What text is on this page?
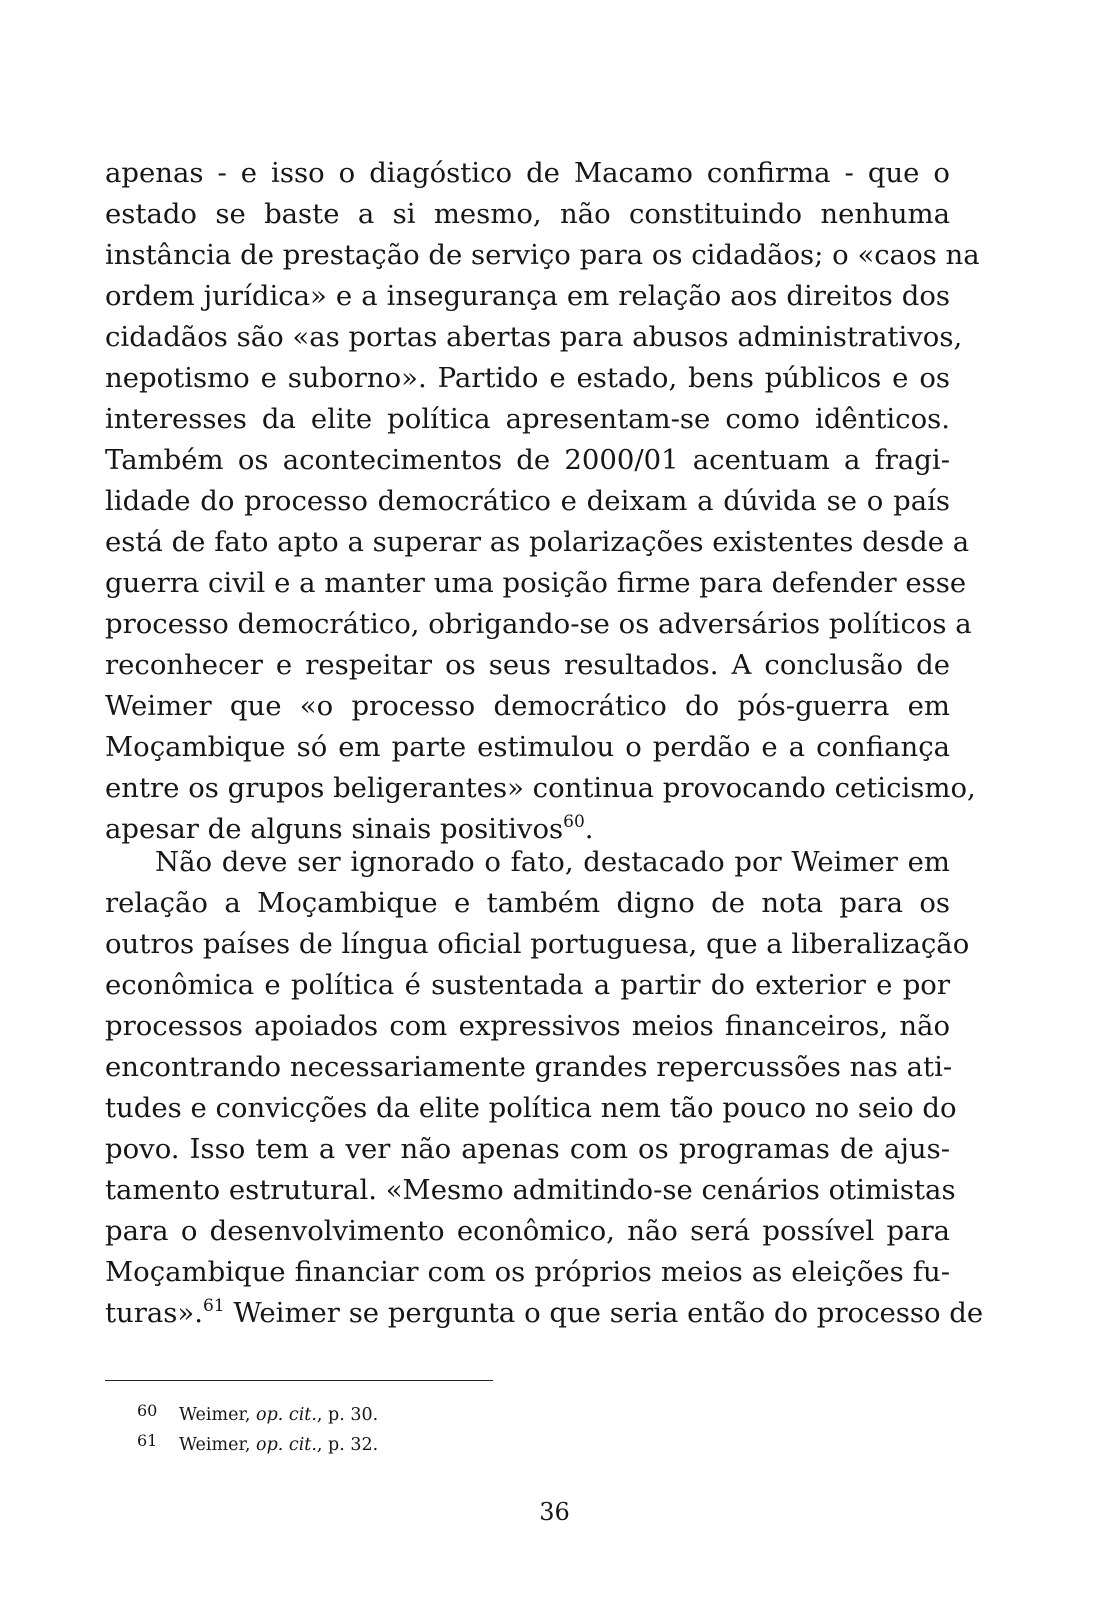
apenas - e isso o diagóstico de Macamo confirma - que o
estado se baste a si mesmo, não constituindo nenhuma
instância de prestação de serviço para os cidadãos; o «caos na
ordem jurídica» e a insegurança em relação aos direitos dos
cidadãos são «as portas abertas para abusos administrativos,
nepotismo e suborno». Partido e estado, bens públicos e os
interesses da elite política apresentam-se como idênticos.
Também os acontecimentos de 2000/01 acentuam a fragi-
lidade do processo democrático e deixam a dúvida se o país
está de fato apto a superar as polarizações existentes desde a
guerra civil e a manter uma posição firme para defender esse
processo democrático, obrigando-se os adversários políticos a
reconhecer e respeitar os seus resultados. A conclusão de
Weimer que «o processo democrático do pós-guerra em
Moçambique só em parte estimulou o perdão e a confiança
entre os grupos beligerantes» continua provocando ceticismo,
apesar de alguns sinais positivos$^{60}$.
Não deve ser ignorado o fato, destacado por Weimer em
relação a Moçambique e também digno de nota para os
outros países de língua oficial portuguesa, que a liberalização
econômica e política é sustentada a partir do exterior e por
processos apoiados com expressivos meios financeiros, não
encontrando necessariamente grandes repercussões nas ati-
tudes e convicções da elite política nem tão pouco no seio do
povo. Isso tem a ver não apenas com os programas de ajus-
tamento estrutural. «Mesmo admitindo-se cenários otimistas
para o desenvolvimento econômico, não será possível para
Moçambique financiar com os próprios meios as eleições fu-
turas».$^{61}$ Weimer se pergunta o que seria então do processo de
60 Weimer, op. cit., p. 30.
61 Weimer, op. cit., p. 32.
36
